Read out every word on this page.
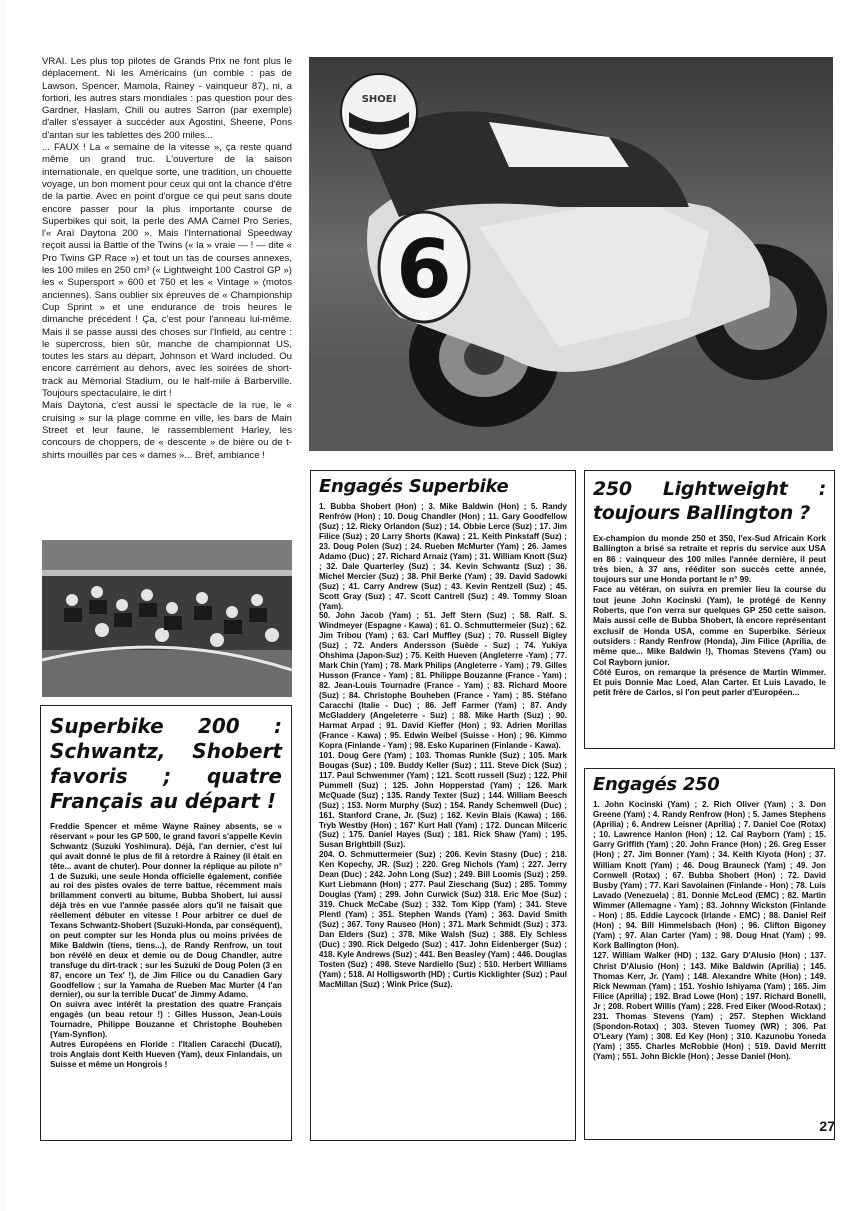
VRAI. Les plus top pilotes de Grands Prix ne font plus le déplacement. Ni les Américains (un comble : pas de Lawson, Spencer, Mamola, Rainey - vainqueur 87), ni, a fortiori, les autres stars mondiales : pas question pour des Gardner, Haslam, Chili ou autres Sarron (par exemple) d'aller s'essayer à succéder aux Agostini, Sheene, Pons d'antan sur les tablettes des 200 miles...

... FAUX ! La « semaine de la vitesse », ça reste quand même un grand truc. L'ouverture de la saison internationale, en quelque sorte, une tradition, un chouette voyage, un bon moment pour ceux qui ont la chance d'être de la partie. Avec en point d'orgue ce qui peut sans doute encore passer pour la plus importante course de Superbikes qui soit, la perle des AMA Camel Pro Series, l'« Araï Daytona 200 ». Mais l'International Speedway reçoit aussi la Battle of the Twins (« la » vraie — ! — dite « Pro Twins GP Race ») et tout un tas de courses annexes, les 100 miles en 250 cm³ (« Lightweight 100 Castrol GP ») les « Supersport » 600 et 750 et les « Vintage » (motos anciennes). Sans oublier six épreuves de « Championship Cup Sprint » et une endurance de trois heures le dimanche précédent ! Ça, c'est pour l'anneau lui-même. Mais il se passe aussi des choses sur l'Infield, au centre : le supercross, bien sûr, manche de championnat US, toutes les stars au départ, Johnson et Ward included. Ou encore carrément au dehors, avec les soirées de short-track au Mémorial Stadium, ou le half-mile à Barberville. Toujours spectaculaire, le dirt !

Mais Daytona, c'est aussi le spectacle de la rue, le « cruising » sur la plage comme en ville, les bars de Main Street et leur faune, le rassemblement Harley, les concours de choppers, de « descente » de bière ou de t-shirts mouillés par ces « dames »... Bref, ambiance !

6
SHOEI
Superbike 200 : Schwantz, Shobert favoris ; quatre Français au départ !

Freddie Spencer et même Wayne Rainey absents, se « réservant » pour les GP 500, le grand favori s'appelle Kevin Schwantz (Suzuki Yoshimura). Déjà, l'an dernier, c'est lui qui avait donné le plus de fil à retordre à Rainey (il était en tête... avant de chuter). Pour donner la réplique au pilote n° 1 de Suzuki, une seule Honda officielle également, confiée au roi des pistes ovales de terre battue, récemment mais brillamment converti au bitume, Bubba Shobert, lui aussi déjà très en vue l'année passée alors qu'il ne faisait que réellement débuter en vitesse ! Pour arbitrer ce duel de Texans Schwantz-Shobert (Suzuki-Honda, par conséquent), on peut compter sur les Honda plus ou moins privées de Mike Baldwin (tiens, tiens...), de Randy Renfrow, un tout bon révélé en deux et demie ou de Doug Chandler, autre transfuge du dirt-track ; sur les Suzuki de Doug Polen (3 en 87, encore un Tex' !), de Jim Filice ou du Canadien Gary Goodfellow ; sur la Yamaha de Rueben Mac Murter (4 l'an dernier), ou sur la terrible Ducat' de Jimmy Adamo.

On suivra avec intérêt la prestation des quatre Français engagés (un beau retour !) : Gilles Husson, Jean-Louis Tournadre, Philippe Bouzanne et Christophe Bouheben (Yam-Synflon).

Autres Européens en Floride : l'Italien Caracchi (Ducati), trois Anglais dont Keith Hueven (Yam), deux Finlandais, un Suisse et même un Hongrois !

Engagés Superbike

1. Bubba Shobert (Hon) ; 3. Mike Baldwin (Hon) ; 5. Randy Renfrów (Hon) ; 10. Doug Chandler (Hon) ; 11. Gary Goodfellow (Suz) ; 12. Ricky Orlandon (Suz) ; 14. Obbie Lerce (Suz) ; 17. Jim Filice (Suz) ; 20 Larry Shorts (Kawa) ; 21. Keith Pinkstaff (Suz) ; 23. Doug Polen (Suz) ; 24. Rueben McMurter (Yam) ; 26. James Adamo (Duc) ; 27. Richard Arnaiz (Yam) ; 31. William Knott (Suz) ; 32. Dale Quarterley (Suz) ; 34. Kevin Schwantz (Suz) ; 36. Michel Mercier (Suz) ; 38. Phil Berke (Yam) ; 39. David Sadowki (Suz) ; 41. Carry Andrew (Suz) ; 43. Kevin Rentzell (Suz) ; 45. Scott Gray (Suz) ; 47. Scott Cantrell (Suz) ; 49. Tommy Sloan (Yam).

50. John Jacob (Yam) ; 51. Jeff Stern (Suz) ; 58. Ralf. S. Windmeyer (Espagne - Kawa) ; 61. O. Schmuttermeier (Suz) ; 62. Jim Tribou (Yam) ; 63. Carl Muffley (Suz) ; 70. Russell Bigley (Suz) ; 72. Anders Andersson (Suède - Suz) ; 74. Yukiya Ohshima (Japon-Suz) ; 75. Keith Hueven (Angleterre -Yam) ; 77. Mark Chin (Yam) ; 78. Mark Philips (Angleterre - Yam) ; 79. Gilles Husson (France - Yam) ; 81. Philippe Bouzanne (France - Yam) ; 82. Jean-Louis Tournadre (France - Yam) ; 83. Richard Moore (Suz) ; 84. Christophe Bouheben (France - Yam) ; 85. Stéfano Caracchi (Italie - Duc) ; 86. Jeff Farmer (Yam) ; 87. Andy McGladdery (Angeleterre - Suz) ; 88. Mike Harth (Suz) ; 90. Harmat Arpad ; 91. David Kieffer (Hon) ; 93. Adrien Morillas (France - Kawa) ; 95. Edwin Weibel (Suisse - Hon) ; 96. Kimmo Kopra (Finlande - Yam) ; 98. Esko Kuparinen (Finlande - Kawa).

101. Doug Gere (Yam) ; 103. Thomas Runkle (Suz) ; 105. Mark Bougas (Suz) ; 109. Buddy Keller (Suz) ; 111. Steve Dick (Suz) ; 117. Paul Schwemmer (Yam) ; 121. Scott russell (Suz) ; 122. Phil Pummell (Suz) ; 125. John Hopperstad (Yam) ; 126. Mark McQuade (Suz) ; 135. Randy Texter (Suz) ; 144. William Beesch (Suz) ; 153. Norm Murphy (Suz) ; 154. Randy Schemwell (Duc) ; 161. Stanford Crane, Jr. (Suz) ; 162. Kevin Blais (Kawa) ; 166. Tryb Westby (Hon) ; 167' Kurt Hall (Yam) ; 172. Duncan Milceric (Suz) ; 175. Daniel Hayes (Suz) ; 181. Rick Shaw (Yam) ; 195. Susan Brightbill (Suz).

204. O. Schmuttermeier (Suz) ; 206. Kevin Stasny (Duc) ; 218. Ken Kopechy, JR. (Suz) ; 220. Greg Nichols (Yam) ; 227. Jerry Dean (Duc) ; 242. John Long (Suz) ; 249. Bill Loomis (Suz) ; 259. Kurt Liebmann (Hon) ; 277. Paul Zieschang (Suz) ; 285. Tommy Douglas (Yam) ; 299. John Curwick (Suz) 318. Eric Moe (Suz) ; 319. Chuck McCabe (Suz) ; 332. Tom Kipp (Yam) ; 341. Steve Plentl (Yam) ; 351. Stephen Wands (Yam) ; 363. David Smith (Suz) ; 367. Tony Rauseo (Hon) ; 371. Mark Schmidt (Suz) ; 373. Dan Elders (Suz) ; 378. Mike Walsh (Suz) ; 388. Ely Schless (Duc) ; 390. Rick Delgedo (Suz) ; 417. John Eidenberger (Suz) ; 418. Kyle Andrews (Suz) ; 441. Ben Beasley (Yam) ; 446. Douglas Tosten (Suz) ; 498. Steve Nardiello (Suz) ; 510. Herbert Williams (Yam) ; 518. Al Holligsworth (HD) ; Curtis Kicklighter (Suz) ; Paul MacMillan (Suz) ; Wink Price (Suz).

250 Lightweight : toujours Ballington ?

Ex-champion du monde 250 et 350, l'ex-Sud Africain Kork Ballington a brisé sa retraite et repris du service aux USA en 86 : vainqueur des 100 miles l'année dernière, il peut très bien, à 37 ans, rééditer son succès cette année, toujours sur une Honda portant le n° 99.

Face au vétéran, on suivra en premier lieu la course du tout jeune John Kocinski (Yam), le protégé de Kenny Roberts, que l'on verra sur quelques GP 250 cette saison. Mais aussi celle de Bubba Shobert, là encore représentant exclusif de Honda USA, comme en Superbike. Sérieux outsiders : Randy Renfrow (Honda), Jim Filice (Aprilia, de même que... Mike Baldwin !), Thomas Stevens (Yam) ou Col Rayborn junior.

Côté Euros, on remarque la présence de Martin Wimmer. Et puis Donnie Mac Loed, Alan Carter. Et Luis Lavado, le petit frère de Carlos, si l'on peut parler d'Européen...

Engagés 250

1. John Kocinski (Yam) ; 2. Rich Oliver (Yam) ; 3. Don Greene (Yam) ; 4. Randy Renfrow (Hon) ; 5. James Stephens (Aprilia) ; 6. Andrew Leisner (Aprilia) ; 7. Daniel Coe (Rotax) ; 10. Lawrence Hanlon (Hon) ; 12. Cal Rayborn (Yam) ; 15. Garry Griffith (Yam) ; 20. John France (Hon) ; 26. Greg Esser (Hon) ; 27. Jim Bonner (Yam) ; 34. Keith Kiyota (Hon) ; 37. William Knott (Yam) ; 46. Doug Brauneck (Yam) ; 49. Jon Cornwell (Rotax) ; 67. Bubba Shobert (Hon) ; 72. David Busby (Yam) ; 77. Kari Savolainen (Finlande - Hon) ; 78. Luis Lavado (Venezuela) ; 81. Donnie McLeod (EMC) ; 82. Martin Wimmer (Allemagne - Yam) ; 83. Johnny Wickston (Finlande - Hon) ; 85. Eddie Laycock (Irlande - EMC) ; 88. Daniel Reif (Hon) ; 94. Bill Himmelsbach (Hon) ; 96. Clifton Bigoney (Yam) ; 97. Alan Carter (Yam) ; 98. Doug Hnat (Yam) ; 99. Kork Ballington (Hon).

127. William Walker (HD) ; 132. Gary D'Alusio (Hon) ; 137. Christ D'Alusio (Hon) ; 143. Mike Baldwin (Aprilia) ; 145. Thomas Kerr, Jr. (Yam) ; 148. Alexandre White (Hon) ; 149. Rick Newman (Yam) ; 151. Yoshio Ishiyama (Yam) ; 165. Jim Filice (Aprilia) ; 192. Brad Lowe (Hon) ; 197. Richard Bonelli, Jr ; 208. Robert Willis (Yam) ; 228. Fred Eiker (Wood-Rotax) ; 231. Thomas Stevens (Yam) ; 257. Stephen Wickland (Spondon-Rotax) ; 303. Steven Tuomey (WR) ; 306. Pat O'Leary (Yam) ; 308. Ed Key (Hon) ; 310. Kazunobu Yoneda (Yam) ; 355. Charles McRobbie (Hon) ; 519. David Merritt (Yam) ; 551. John Bickle (Hon) ; Jesse Daniel (Hon).

27
